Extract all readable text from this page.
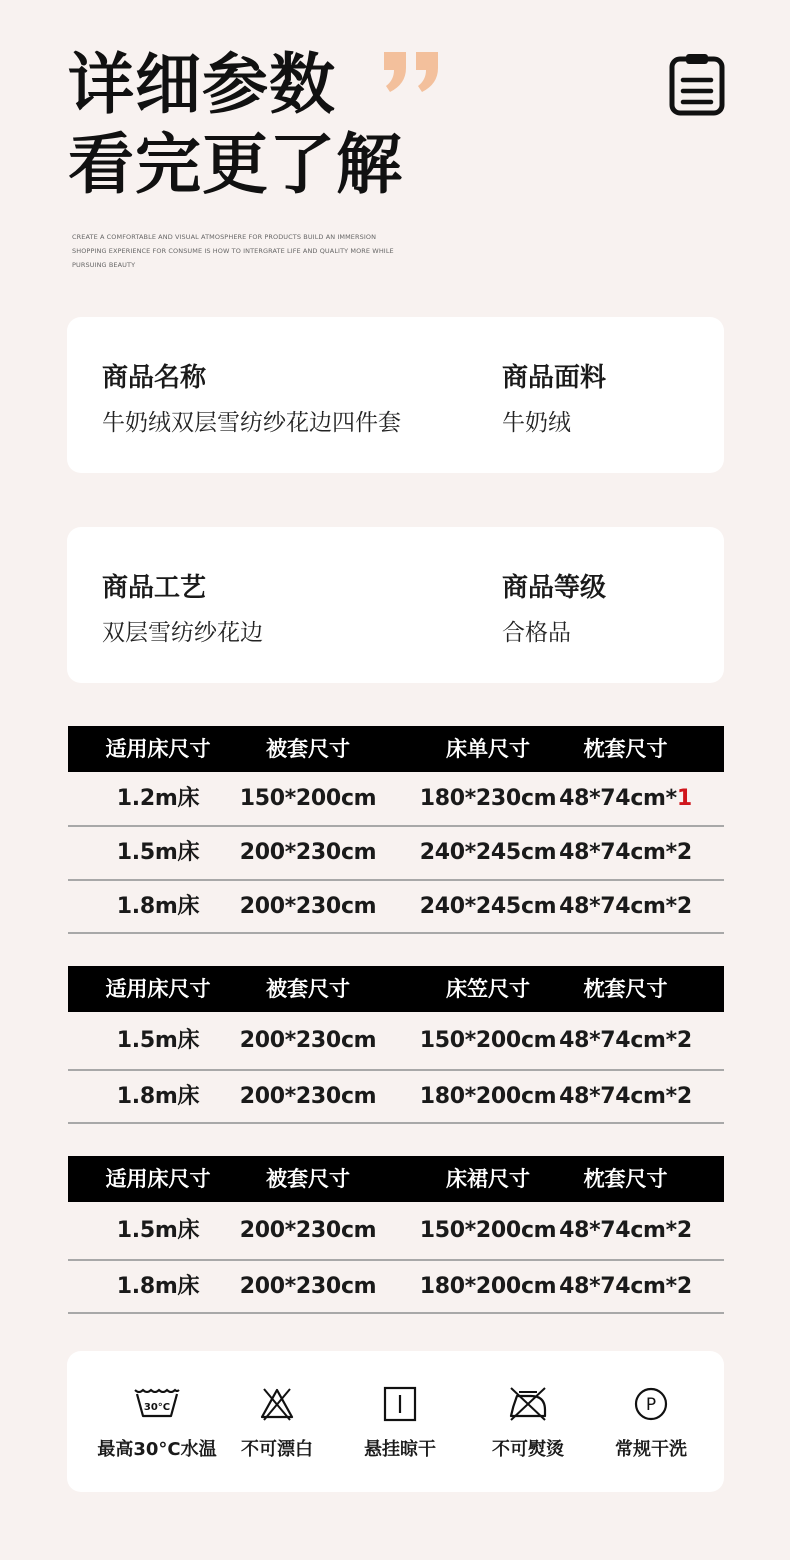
详细参数
看完更了解
CREATE A COMFORTABLE AND VISUAL ATMOSPHERE FOR PRODUCTS BUILD AN IMMERSION SHOPPING EXPERIENCE FOR CONSUME IS HOW TO INTERGRATE LIFE AND QUALITY MORE WHILE PURSUING BEAUTY
商品名称
牛奶绒双层雪纺纱花边四件套
商品面料
牛奶绒
商品工艺
双层雪纺纱花边
商品等级
合格品
适用床尺寸	被套尺寸	床单尺寸	枕套尺寸
1.2m床	150*200cm	180*230cm 48*74cm*1
1.5m床	200*230cm	240*245cm 48*74cm*2
1.8m床	200*230cm	240*245cm 48*74cm*2
适用床尺寸	被套尺寸	床笠尺寸	枕套尺寸
1.5m床	200*230cm	150*200cm 48*74cm*2
1.8m床	200*230cm	180*200cm 48*74cm*2
适用床尺寸	被套尺寸	床裙尺寸	枕套尺寸
1.5m床	200*230cm	150*200cm 48*74cm*2
1.8m床	200*230cm	180*200cm 48*74cm*2
30°C
最高30°C水温	不可漂白	悬挂晾干	不可熨烫
P
常规干洗
